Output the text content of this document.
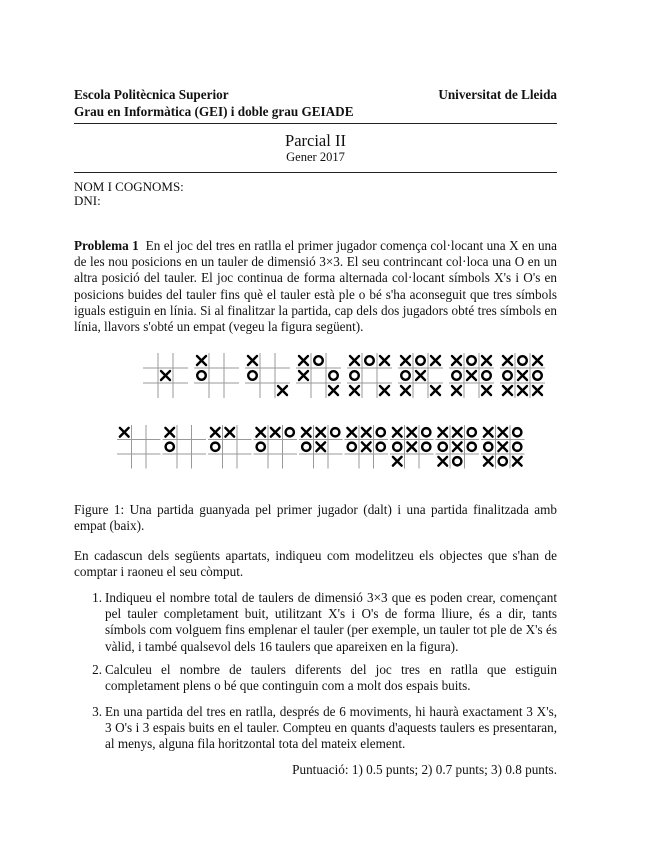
Escola Politècnica Superior	Universitat de Lleida
Grau en Informàtica (GEI) i doble grau GEIADE
Parcial II
Gener 2017
NOM I COGNOMS:
DNI:
Problema 1 En el joc del tres en ratlla el primer jugador comença col·locant una X en una de les nou posicions en un tauler de dimensió 3×3. El seu contrincant col·loca una O en un altra posició del tauler. El joc continua de forma alternada col·locant símbols X's i O's en posicions buides del tauler fins què el tauler està ple o bé s'ha aconseguit que tres símbols iguals estiguin en línia. Si al finalitzar la partida, cap dels dos jugadors obté tres símbols en línia, llavors s'obté un empat (vegeu la figura següent).
Figure 1: Una partida guanyada pel primer jugador (dalt) i una partida finalitzada amb empat (baix).
En cadascun dels següents apartats, indiqueu com modelitzeu els objectes que s'han de comptar i raoneu el seu còmput.
1. Indiqueu el nombre total de taulers de dimensió 3×3 que es poden crear, començant pel tauler completament buit, utilitzant X's i O's de forma lliure, és a dir, tants símbols com volguem fins emplenar el tauler (per exemple, un tauler tot ple de X's és vàlid, i també qualsevol dels 16 taulers que apareixen en la figura).
2. Calculeu el nombre de taulers diferents del joc tres en ratlla que estiguin completament plens o bé que continguin com a molt dos espais buits.
3. En una partida del tres en ratlla, després de 6 moviments, hi haurà exactament 3 X's, 3 O's i 3 espais buits en el tauler. Compteu en quants d'aquests taulers es presentaran, al menys, alguna fila horitzontal tota del mateix element.
Puntuació: 1) 0.5 punts; 2) 0.7 punts; 3) 0.8 punts.
